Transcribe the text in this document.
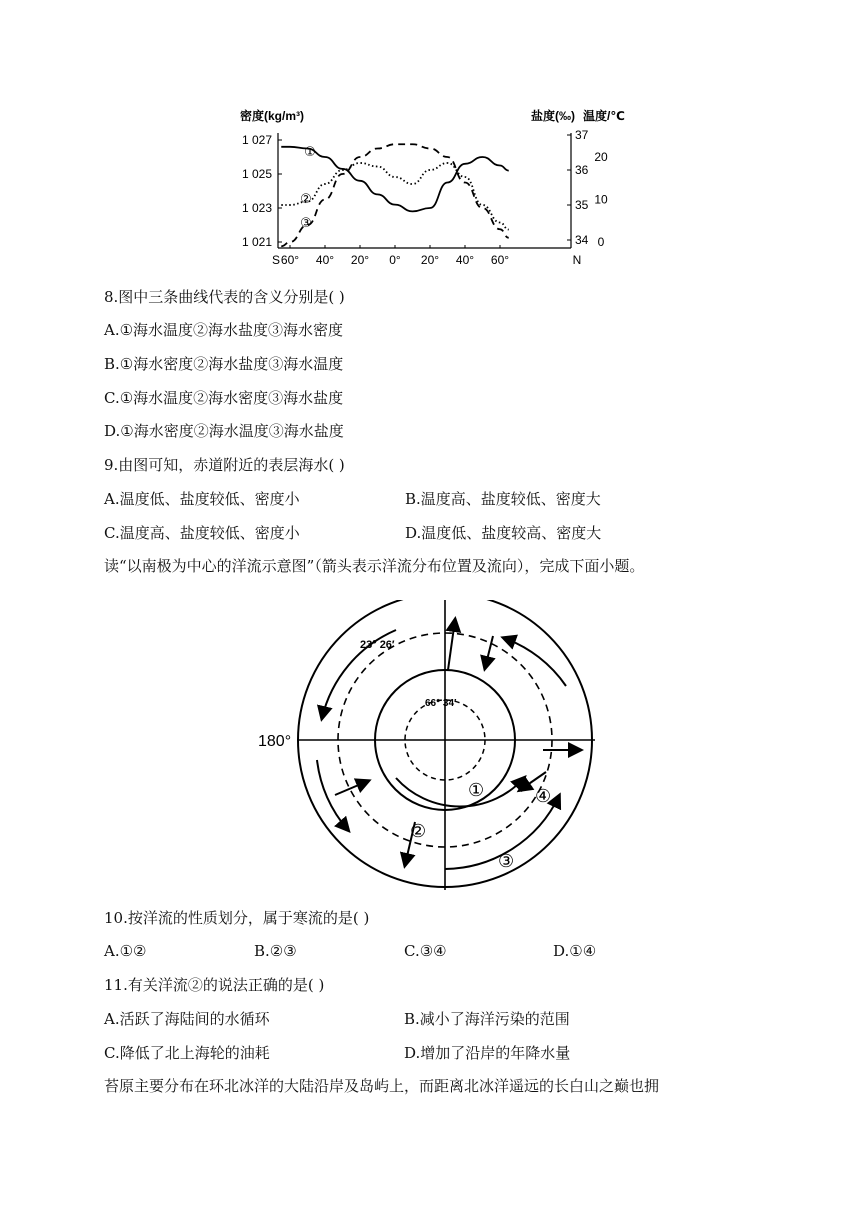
密度(kg/m³)	盐度(‰) 温度/℃
1 027
1 025
1 023
1 021
37
36
35
34
20
10
0
S 60° 40° 20° 0° 20° 40° 60°	N
①
②
③
8.图中三条曲线代表的含义分别是( )
A.①海水温度②海水盐度③海水密度
B.①海水密度②海水盐度③海水温度
C.①海水温度②海水密度③海水盐度
D.①海水密度②海水温度③海水盐度
9.由图可知，赤道附近的表层海水( )
A.温度低、盐度较低、密度小	B.温度高、盐度较低、密度大
C.温度高、盐度较低、密度小	D.温度低、盐度较高、密度大
读“以南极为中心的洋流示意图”（箭头表示洋流分布位置及流向），完成下面小题。
180°
23° 26′
66° 34′
①
②
③
④
10.按洋流的性质划分，属于寒流的是( )
A.①②	B.②③	C.③④	D.①④
11.有关洋流②的说法正确的是( )
A.活跃了海陆间的水循环	B.减小了海洋污染的范围
C.降低了北上海轮的油耗	D.增加了沿岸的年降水量
苔原主要分布在环北冰洋的大陆沿岸及岛屿上，而距离北冰洋遥远的长白山之巅也拥
